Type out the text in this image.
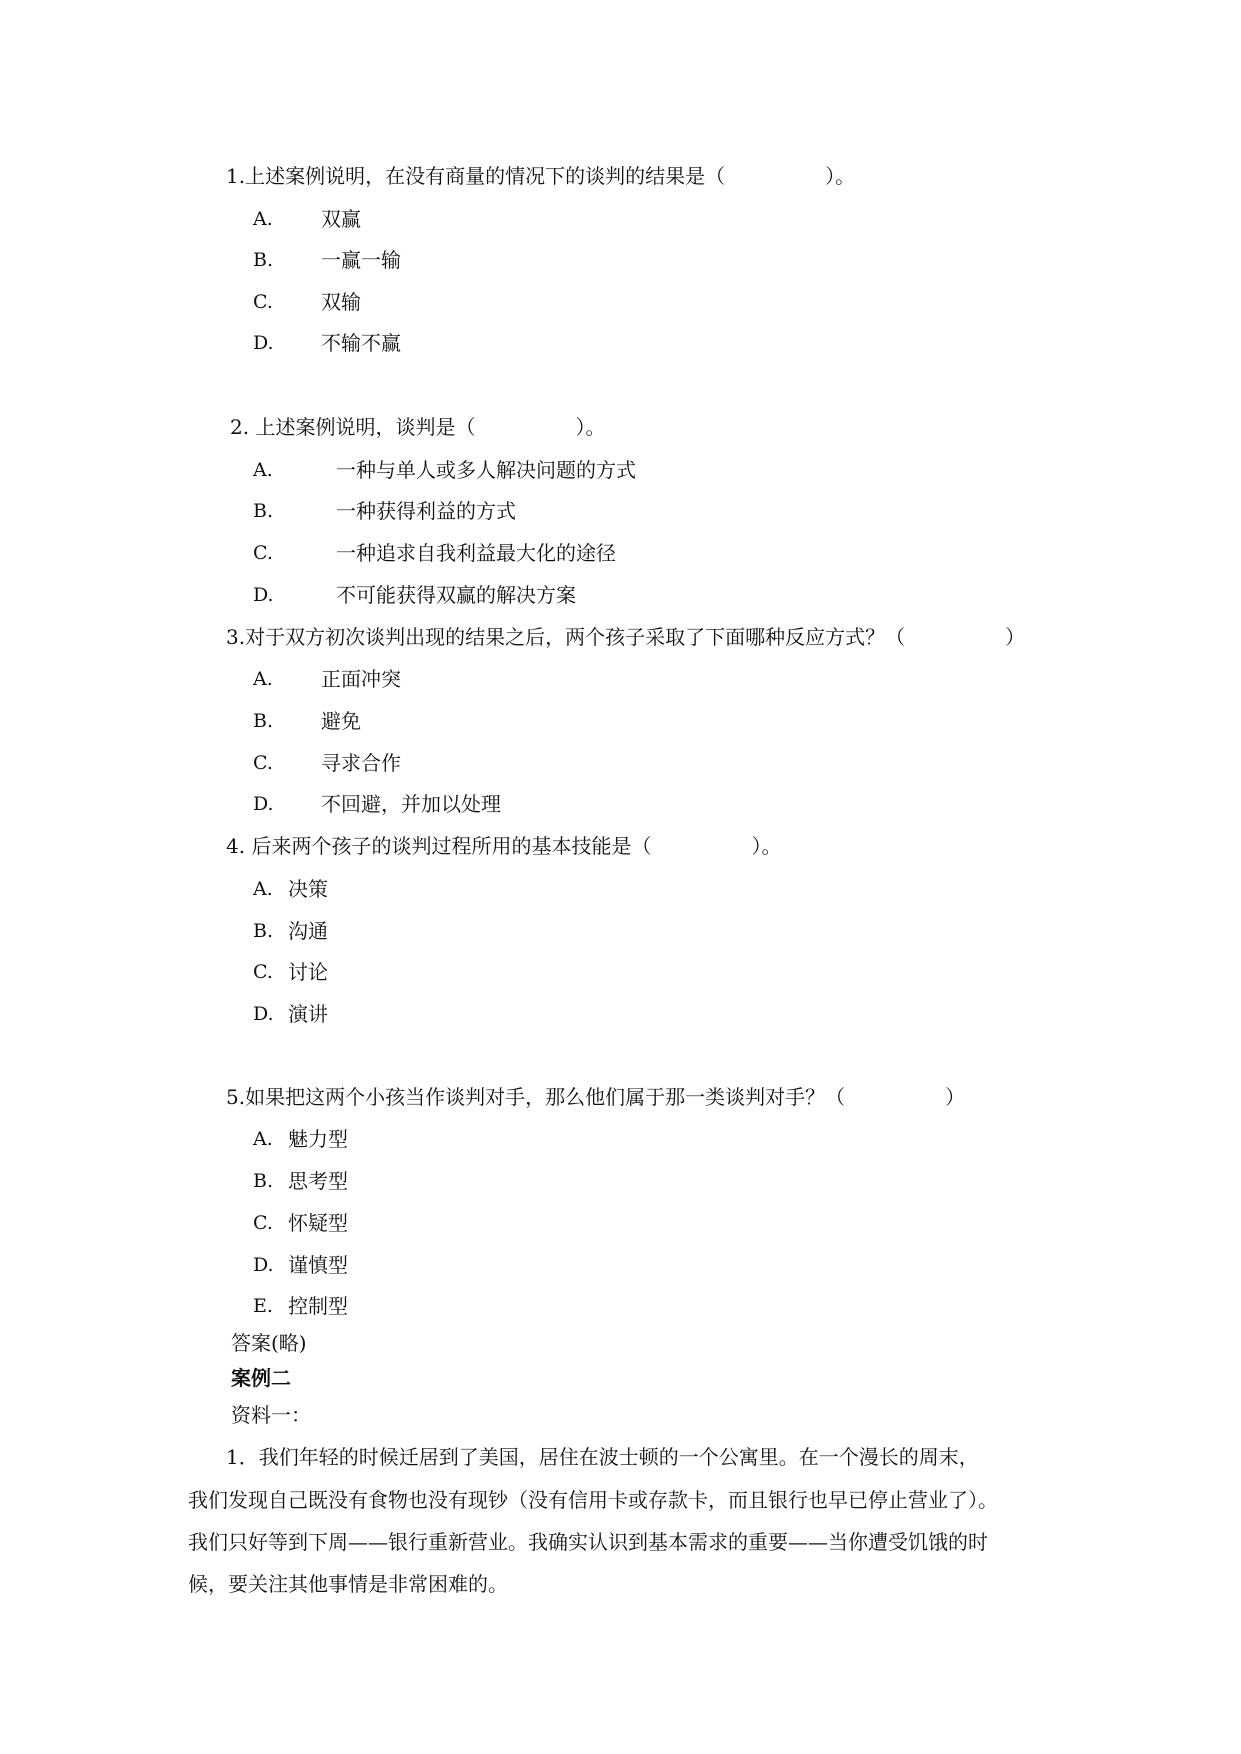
1.上述案例说明，在没有商量的情况下的谈判的结果是（　　　　　）。
A. 双赢
B. 一赢一输
C. 双输
D. 不输不赢
2. 上述案例说明，谈判是（　　　　　）。
A.	一种与单人或多人解决问题的方式
B.	一种获得利益的方式
C.	一种追求自我利益最大化的途径
D.	不可能获得双赢的解决方案
3.对于双方初次谈判出现的结果之后，两个孩子采取了下面哪种反应方式？（　　　　　）
A. 正面冲突
B. 避免
C. 寻求合作
D. 不回避，并加以处理
4. 后来两个孩子的谈判过程所用的基本技能是（　　　　　）。
A. 决策
B. 沟通
C. 讨论
D. 演讲
5.如果把这两个小孩当作谈判对手，那么他们属于那一类谈判对手？（　　　　　）
A. 魅力型
B. 思考型
C. 怀疑型
D. 谨慎型
E. 控制型
答案(略)
案例二
资料一：
1．我们年轻的时候迁居到了美国，居住在波士顿的一个公寓里。在一个漫长的周末，
我们发现自己既没有食物也没有现钞（没有信用卡或存款卡，而且银行也早已停止营业了）。
我们只好等到下周——银行重新营业。我确实认识到基本需求的重要——当你遭受饥饿的时
候，要关注其他事情是非常困难的。
